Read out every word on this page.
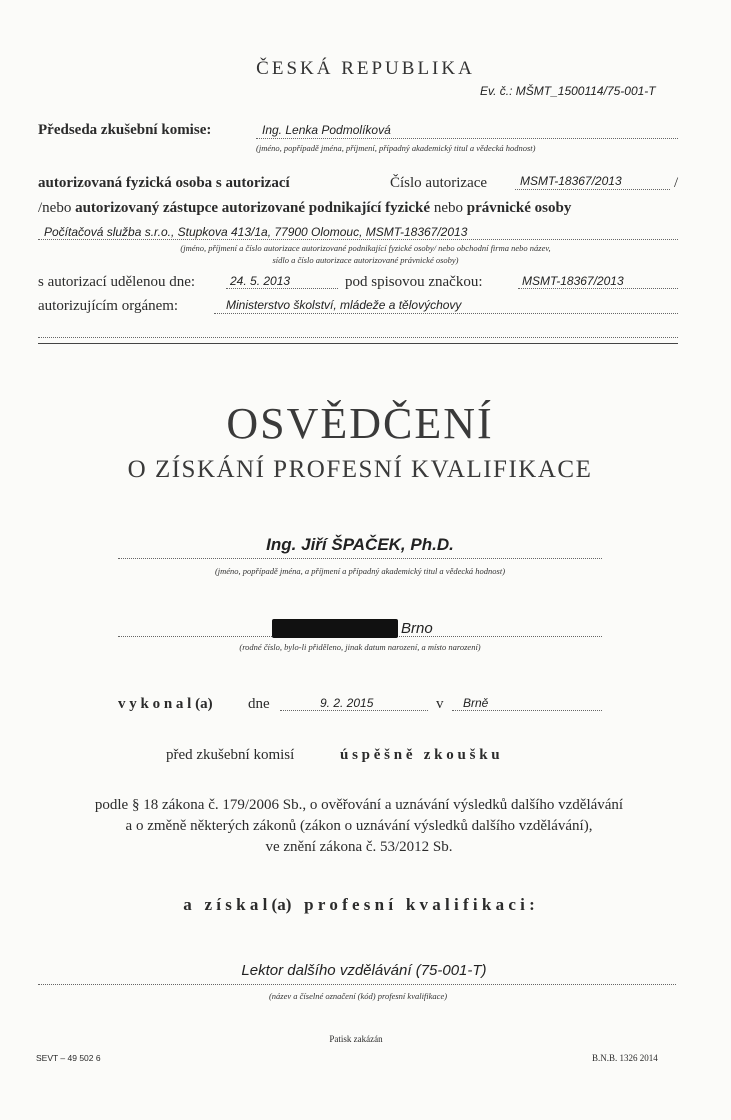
ČESKÁ REPUBLIKA
Ev. č.: MŠMT_1500114/75-001-T
Předseda zkušební komise:	Ing. Lenka Podmolíková
(jméno, popřípadě jména, příjmení, případný akademický titul a vědecká hodnost)
autorizovaná fyzická osoba s autorizací	Číslo autorizace	MSMT-18367/2013	/
/nebo autorizovaný zástupce autorizované podnikající fyzické nebo právnické osoby
Počítačová služba s.r.o., Stupkova 413/1a, 77900 Olomouc, MSMT-18367/2013
(jméno, příjmení a číslo autorizace autorizované podnikající fyzické osoby/ nebo obchodní firma nebo název,
sídlo a číslo autorizace autorizované právnické osoby)
s autorizací udělenou dne:	24. 5. 2013	pod spisovou značkou:	MSMT-18367/2013
autorizujícím orgánem:	Ministerstvo školství, mládeže a tělovýchovy
OSVĚDČENÍ
O ZÍSKÁNÍ PROFESNÍ KVALIFIKACE
Ing. Jiří ŠPAČEK, Ph.D.
(jméno, popřípadě jména, a příjmení a případný akademický titul a vědecká hodnost)
Brno
(rodné číslo, bylo-li přiděleno, jinak datum narození, a místo narození)
v y k o n a l (a) dne	9. 2. 2015	v Brně
před zkušební komisí	ú s p ě š n ě   z k o u š k u
podle § 18 zákona č. 179/2006 Sb., o ověřování a uznávání výsledků dalšího vzdělávání
a o změně některých zákonů (zákon o uznávání výsledků dalšího vzdělávání),
ve znění zákona č. 53/2012 Sb.
a   z í s k a l (a)   p r o f e s n í   k v a l i f i k a c i :
Lektor dalšího vzdělávání (75-001-T)
(název a číselné označení (kód) profesní kvalifikace)
Patisk zakázán
SEVT – 49 502 6	B.N.B. 1326 2014
